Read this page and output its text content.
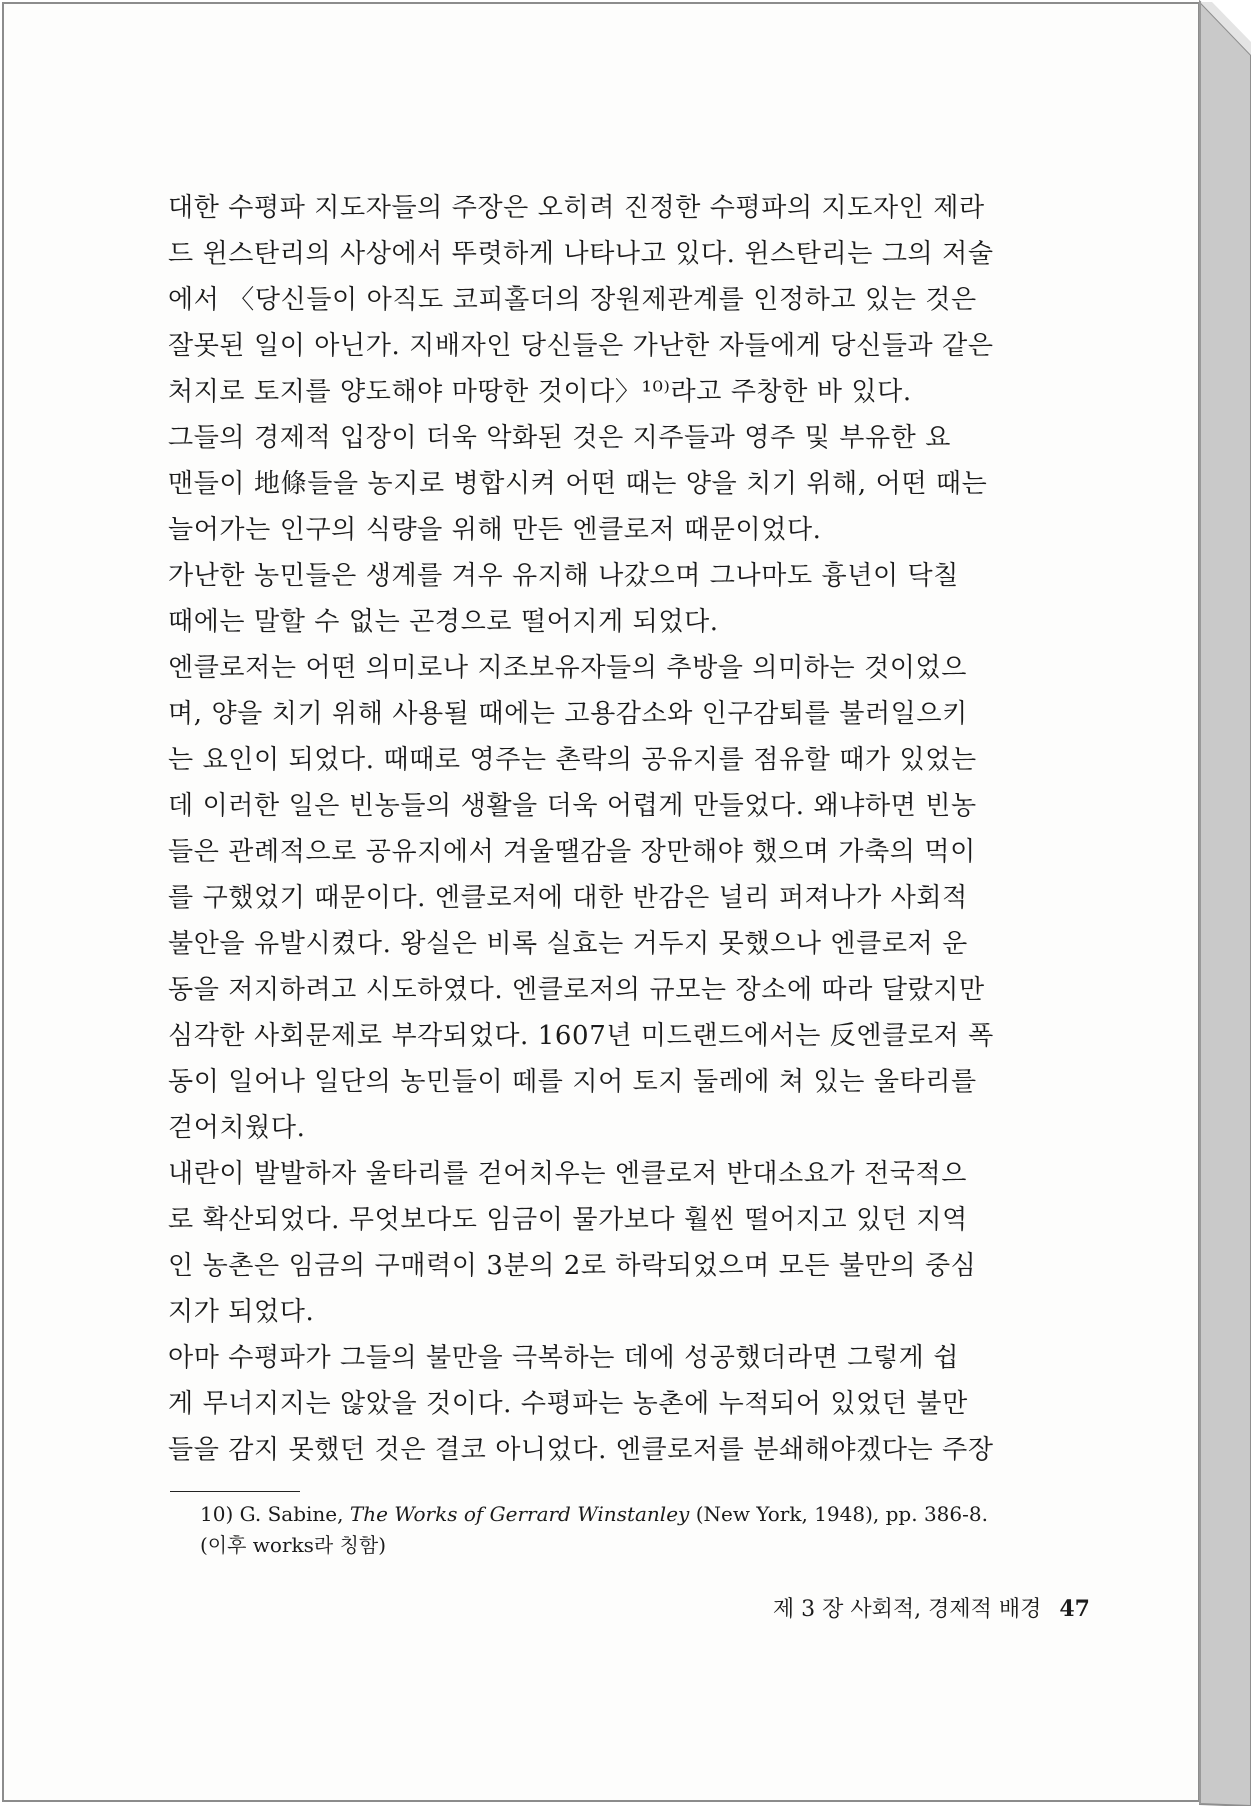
대한 수평파 지도자들의 주장은 오히려 진정한 수평파의 지도자인 제라
드 윈스탄리의 사상에서 뚜렷하게 나타나고 있다. 윈스탄리는 그의 저술
에서 〈당신들이 아직도 코피홀더의 장원제관계를 인정하고 있는 것은
잘못된 일이 아닌가. 지배자인 당신들은 가난한 자들에게 당신들과 같은
처지로 토지를 양도해야 마땅한 것이다〉¹⁰⁾라고 주창한 바 있다.
그들의 경제적 입장이 더욱 악화된 것은 지주들과 영주 및 부유한 요
맨들이 地條들을 농지로 병합시켜 어떤 때는 양을 치기 위해, 어떤 때는
늘어가는 인구의 식량을 위해 만든 엔클로저 때문이었다.
가난한 농민들은 생계를 겨우 유지해 나갔으며 그나마도 흉년이 닥칠
때에는 말할 수 없는 곤경으로 떨어지게 되었다.
엔클로저는 어떤 의미로나 지조보유자들의 추방을 의미하는 것이었으
며, 양을 치기 위해 사용될 때에는 고용감소와 인구감퇴를 불러일으키
는 요인이 되었다. 때때로 영주는 촌락의 공유지를 점유할 때가 있었는
데 이러한 일은 빈농들의 생활을 더욱 어렵게 만들었다. 왜냐하면 빈농
들은 관례적으로 공유지에서 겨울땔감을 장만해야 했으며 가축의 먹이
를 구했었기 때문이다. 엔클로저에 대한 반감은 널리 퍼져나가 사회적
불안을 유발시켰다. 왕실은 비록 실효는 거두지 못했으나 엔클로저 운
동을 저지하려고 시도하였다. 엔클로저의 규모는 장소에 따라 달랐지만
심각한 사회문제로 부각되었다. 1607년 미드랜드에서는 反엔클로저 폭
동이 일어나 일단의 농민들이 떼를 지어 토지 둘레에 쳐 있는 울타리를
걷어치웠다.
내란이 발발하자 울타리를 걷어치우는 엔클로저 반대소요가 전국적으
로 확산되었다. 무엇보다도 임금이 물가보다 훨씬 떨어지고 있던 지역
인 농촌은 임금의 구매력이 3분의 2로 하락되었으며 모든 불만의 중심
지가 되었다.
아마 수평파가 그들의 불만을 극복하는 데에 성공했더라면 그렇게 쉽
게 무너지지는 않았을 것이다. 수평파는 농촌에 누적되어 있었던 불만
들을 감지 못했던 것은 결코 아니었다. 엔클로저를 분쇄해야겠다는 주장
10) G. Sabine, The Works of Gerrard Winstanley (New York, 1948), pp. 386-8.
(이후 works라 칭함)
제 3 장 사회적, 경제적 배경 47
